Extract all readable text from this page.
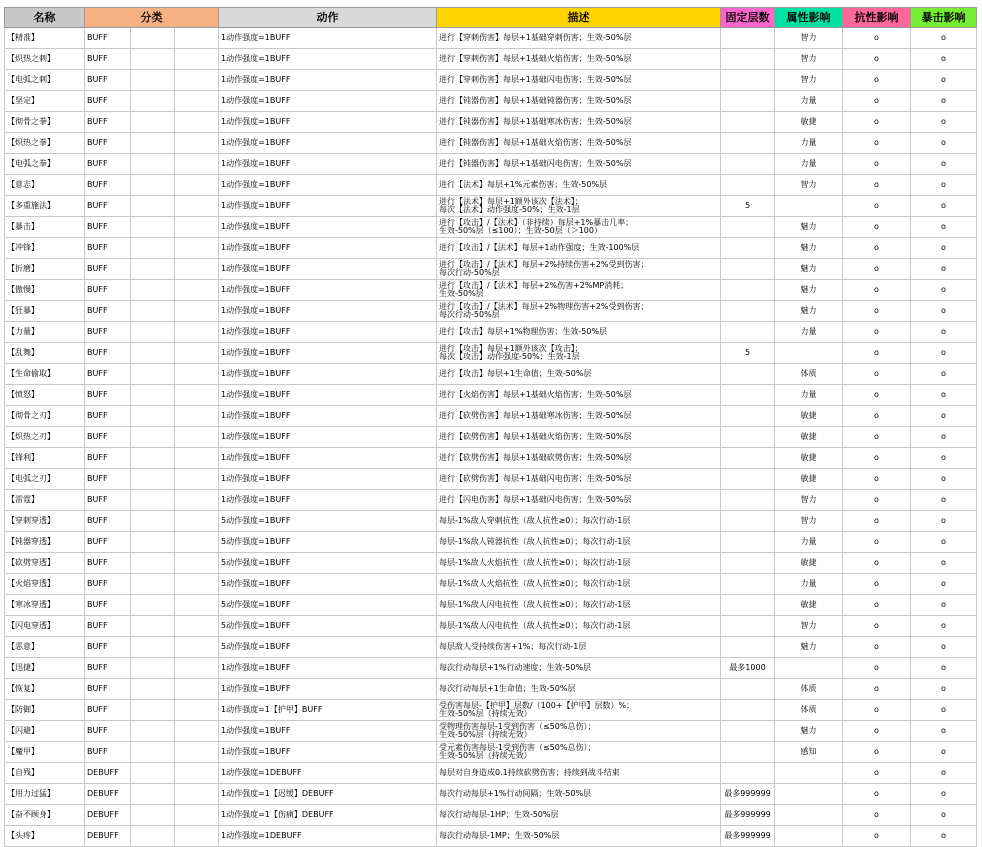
名称	分类			动作	描述	固定层数	属性影响	抗性影响	暴击影响
【精准】	BUFF			1动作强度=1BUFF	进行【穿刺伤害】每层+1基础穿刺伤害；生效-50%层		智力	o	o
【炽热之刺】	BUFF			1动作强度=1BUFF	进行【穿刺伤害】每层+1基础火焰伤害；生效-50%层		智力	o	o
【电弧之刺】	BUFF			1动作强度=1BUFF	进行【穿刺伤害】每层+1基础闪电伤害；生效-50%层		智力	o	o
【坚定】	BUFF			1动作强度=1BUFF	进行【钝器伤害】每层+1基础钝器伤害；生效-50%层		力量	o	o
【彻骨之拳】	BUFF			1动作强度=1BUFF	进行【钝器伤害】每层+1基础寒冰伤害；生效-50%层		敏捷	o	o
【炽热之拳】	BUFF			1动作强度=1BUFF	进行【钝器伤害】每层+1基础火焰伤害；生效-50%层		力量	o	o
【电弧之拳】	BUFF			1动作强度=1BUFF	进行【钝器伤害】每层+1基础闪电伤害；生效-50%层		力量	o	o
【意志】	BUFF			1动作强度=1BUFF	进行【法术】每层+1%元素伤害；生效-50%层		智力	o	o
【多重施法】	BUFF			1动作强度=1BUFF	进行【法术】每层+1额外该次【法术】；
每次【法术】动作强度-50%；生效-1层	5		o	o
【暴击】	BUFF			1动作强度=1BUFF	进行【攻击】/【法术】（非持续）每层+1%暴击几率；
生效-50%层（≤100）；生效-50层（＞100）		魅力	o	o
【冲锋】	BUFF			1动作强度=1BUFF	进行【攻击】/【法术】每层+1动作强度；生效-100%层		魅力	o	o
【折磨】	BUFF			1动作强度=1BUFF	进行【攻击】/【法术】每层+2%持续伤害+2%受到伤害；
每次行动-50%层		魅力	o	o
【傲慢】	BUFF			1动作强度=1BUFF	进行【攻击】/【法术】每层+2%伤害+2%MP消耗；
生效-50%层		魅力	o	o
【狂暴】	BUFF			1动作强度=1BUFF	进行【攻击】/【法术】每层+2%物理伤害+2%受到伤害；
每次行动-50%层		魅力	o	o
【力量】	BUFF			1动作强度=1BUFF	进行【攻击】每层+1%物理伤害；生效-50%层		力量	o	o
【乱舞】	BUFF			1动作强度=1BUFF	进行【攻击】每层+1额外该次【攻击】；
每次【攻击】动作强度-50%；生效-1层	5		o	o
【生命偷取】	BUFF			1动作强度=1BUFF	进行【攻击】每层+1生命值；生效-50%层		体质	o	o
【愤怒】	BUFF			1动作强度=1BUFF	进行【火焰伤害】每层+1基础火焰伤害；生效-50%层		力量	o	o
【彻骨之刃】	BUFF			1动作强度=1BUFF	进行【砍劈伤害】每层+1基础寒冰伤害；生效-50%层		敏捷	o	o
【炽热之刃】	BUFF			1动作强度=1BUFF	进行【砍劈伤害】每层+1基础火焰伤害；生效-50%层		敏捷	o	o
【锋利】	BUFF			1动作强度=1BUFF	进行【砍劈伤害】每层+1基础砍劈伤害；生效-50%层		敏捷	o	o
【电弧之刃】	BUFF			1动作强度=1BUFF	进行【砍劈伤害】每层+1基础闪电伤害；生效-50%层		敏捷	o	o
【雷霆】	BUFF			1动作强度=1BUFF	进行【闪电伤害】每层+1基础闪电伤害；生效-50%层		智力	o	o
【穿刺穿透】	BUFF			5动作强度=1BUFF	每层-1%敌人穿刺抗性（敌人抗性≥0）；每次行动-1层		智力	o	o
【钝器穿透】	BUFF			5动作强度=1BUFF	每层-1%敌人钝器抗性（敌人抗性≥0）；每次行动-1层		力量	o	o
【砍劈穿透】	BUFF			5动作强度=1BUFF	每层-1%敌人火焰抗性（敌人抗性≥0）；每次行动-1层		敏捷	o	o
【火焰穿透】	BUFF			5动作强度=1BUFF	每层-1%敌人火焰抗性（敌人抗性≥0）；每次行动-1层		力量	o	o
【寒冰穿透】	BUFF			5动作强度=1BUFF	每层-1%敌人闪电抗性（敌人抗性≥0）；每次行动-1层		敏捷	o	o
【闪电穿透】	BUFF			5动作强度=1BUFF	每层-1%敌人闪电抗性（敌人抗性≥0）；每次行动-1层		智力	o	o
【恶意】	BUFF			5动作强度=1BUFF	每层敌人受持续伤害+1%；每次行动-1层		魅力	o	o
【迅捷】	BUFF			1动作强度=1BUFF	每次行动每层+1%行动速度；生效-50%层	最多1000		o	o
【恢复】	BUFF			1动作强度=1BUFF	每次行动每层+1生命值；生效-50%层		体质	o	o
【防御】	BUFF			1动作强度=1【护甲】BUFF	受伤害每层-【护甲】层数/（100+【护甲】层数）%；
生效-50%层（持续无效）		体质	o	o
【闪避】	BUFF			1动作强度=1BUFF	受物理伤害每层-1受到伤害（≤50%总伤）；
生效-50%层（持续无效）		魅力	o	o
【魔甲】	BUFF			1动作强度=1BUFF	受元素伤害每层-1受到伤害（≤50%总伤）；
生效-50%层（持续无效）		感知	o	o
【自残】	DEBUFF			1动作强度=1DEBUFF	每层对自身造成0.1持续砍劈伤害；持续到战斗结束			o	o
【用力过猛】	DEBUFF			1动作强度=1【迟缓】DEBUFF	每次行动每层+1%行动间隔；生效-50%层	最多999999		o	o
【奋不顾身】	DEBUFF			1动作强度=1【伤痛】DEBUFF	每次行动每层-1HP；生效-50%层	最多999999		o	o
【头疼】	DEBUFF			1动作强度=1DEBUFF	每次行动每层-1MP；生效-50%层	最多999999		o	o
